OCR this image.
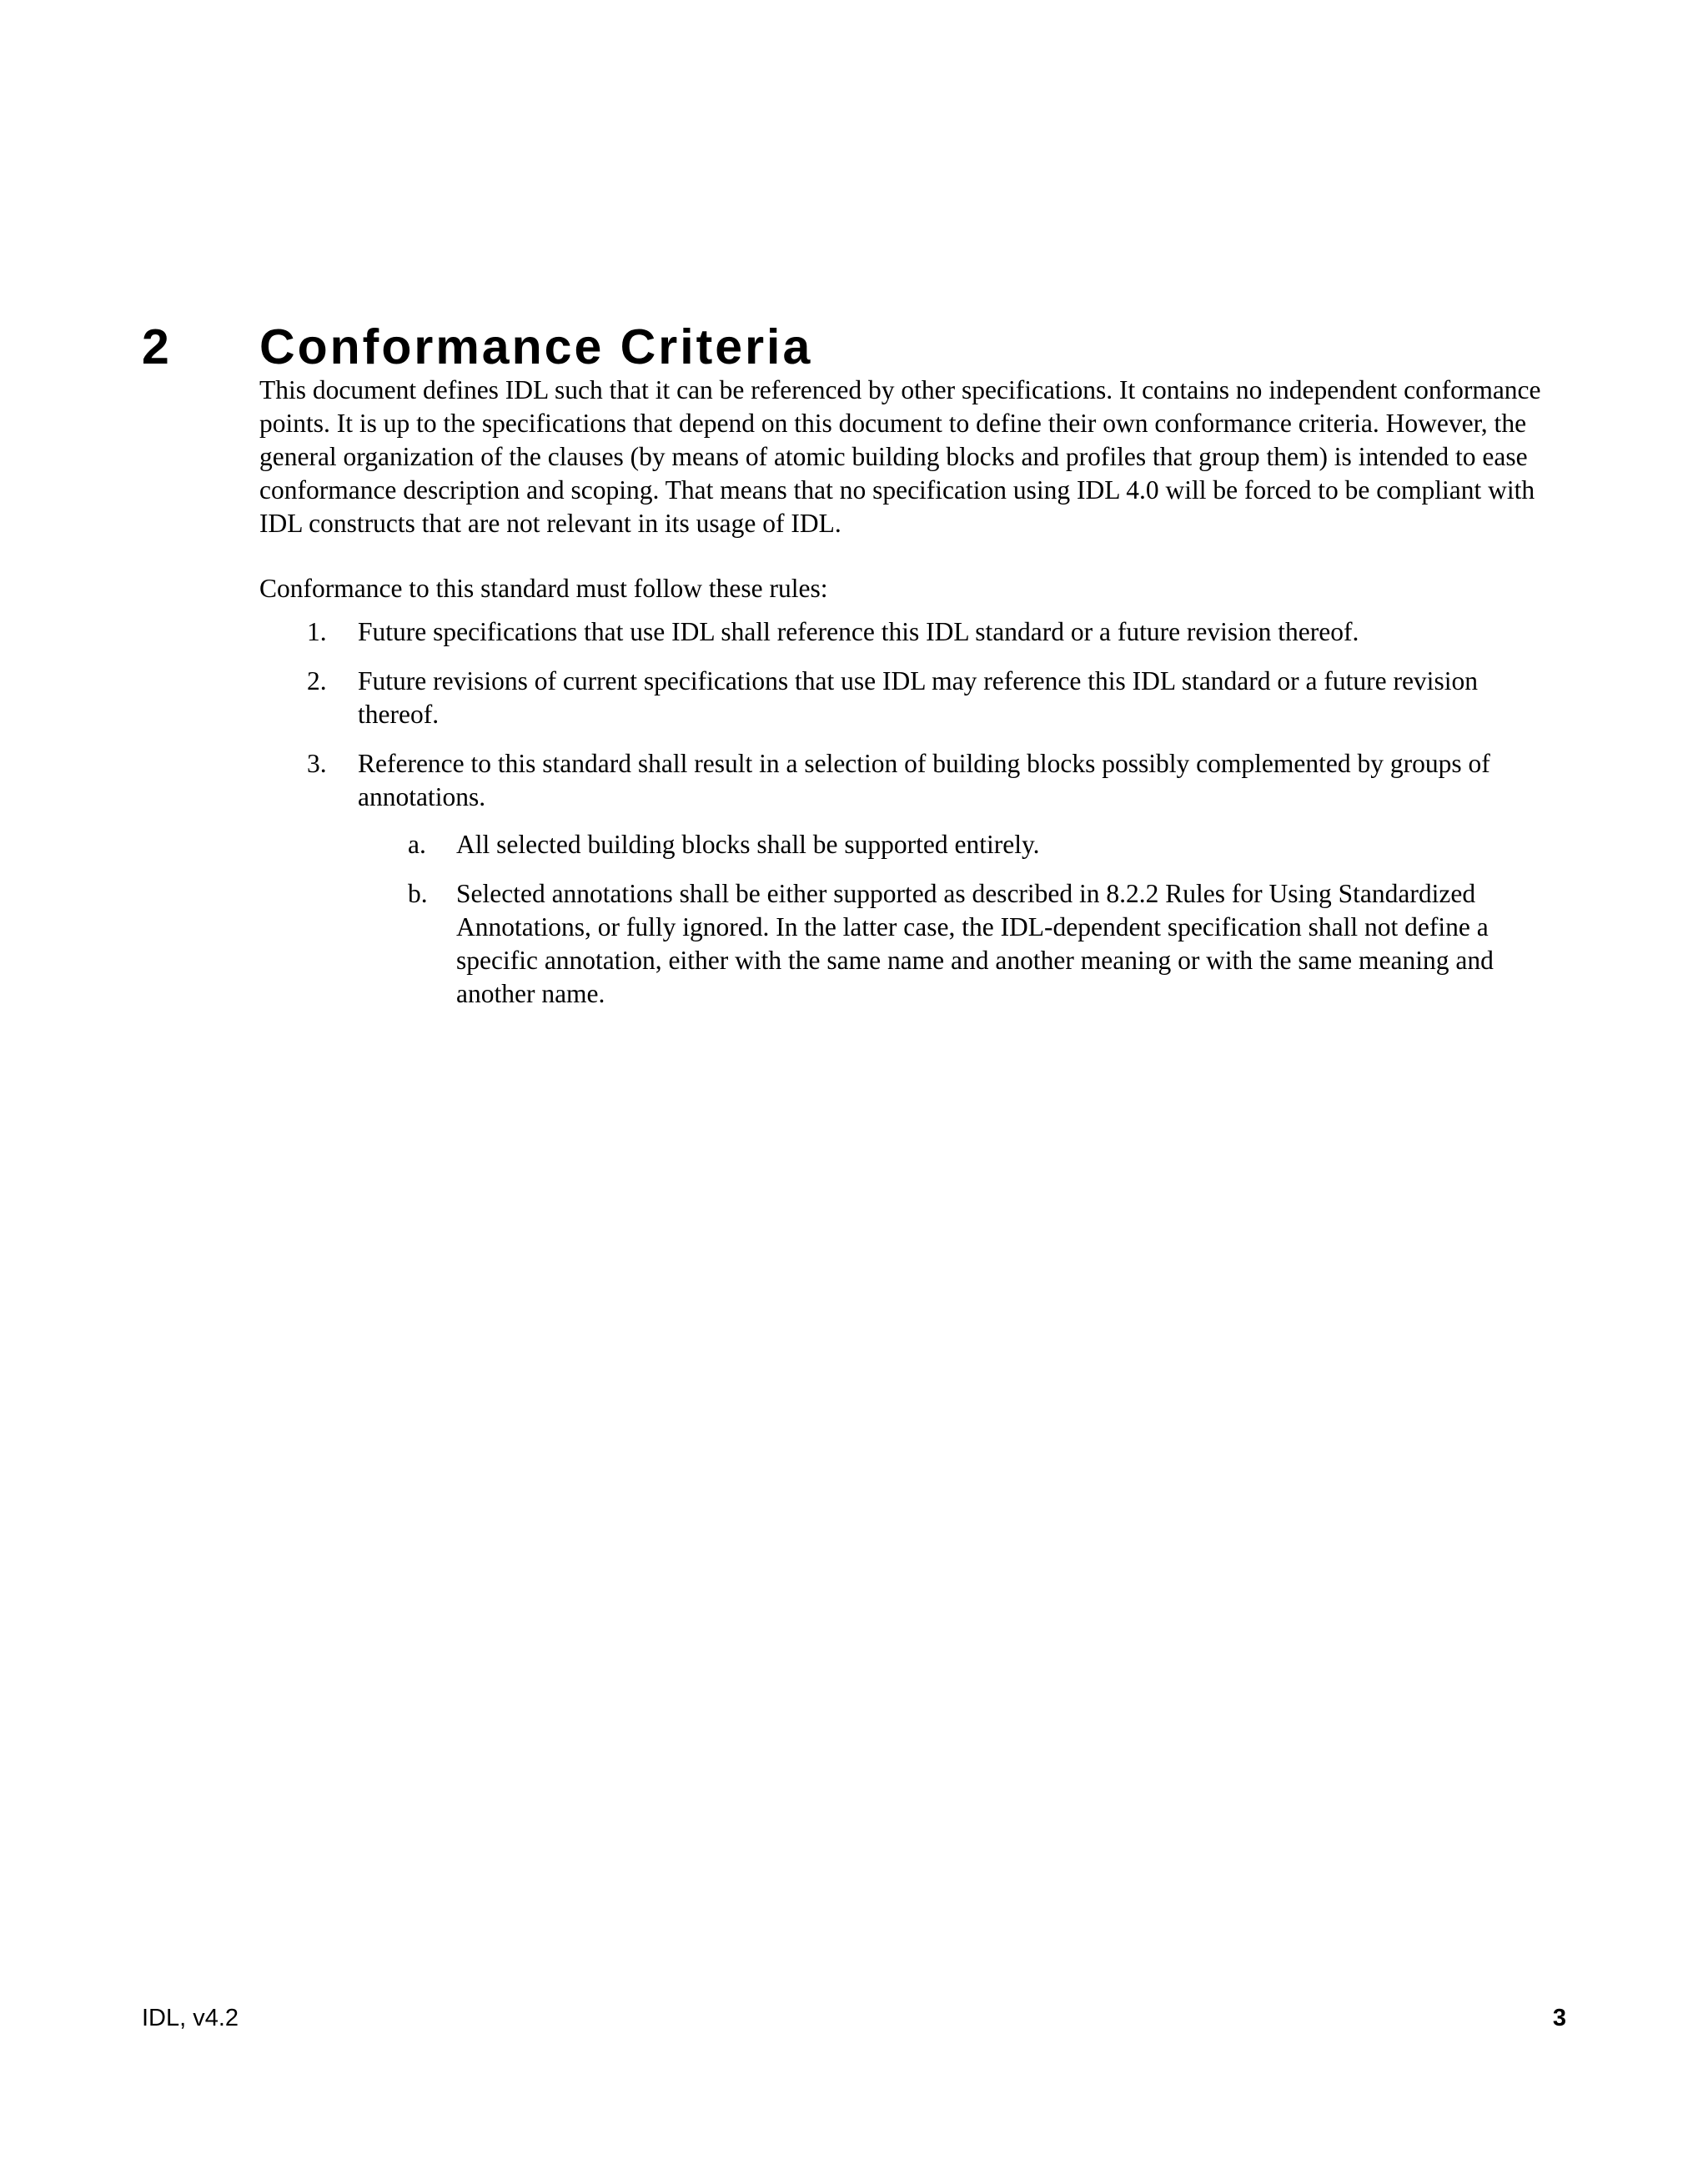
2 Conformance Criteria

This document defines IDL such that it can be referenced by other specifications. It contains no independent conformance points. It is up to the specifications that depend on this document to define their own conformance criteria. However, the general organization of the clauses (by means of atomic building blocks and profiles that group them) is intended to ease conformance description and scoping. That means that no specification using IDL 4.0 will be forced to be compliant with IDL constructs that are not relevant in its usage of IDL.

Conformance to this standard must follow these rules:

1. Future specifications that use IDL shall reference this IDL standard or a future revision thereof.
2. Future revisions of current specifications that use IDL may reference this IDL standard or a future revision thereof.
3. Reference to this standard shall result in a selection of building blocks possibly complemented by groups of annotations.
a. All selected building blocks shall be supported entirely.
b. Selected annotations shall be either supported as described in 8.2.2 Rules for Using Standardized Annotations, or fully ignored. In the latter case, the IDL-dependent specification shall not define a specific annotation, either with the same name and another meaning or with the same meaning and another name.
IDL, v4.2	3
